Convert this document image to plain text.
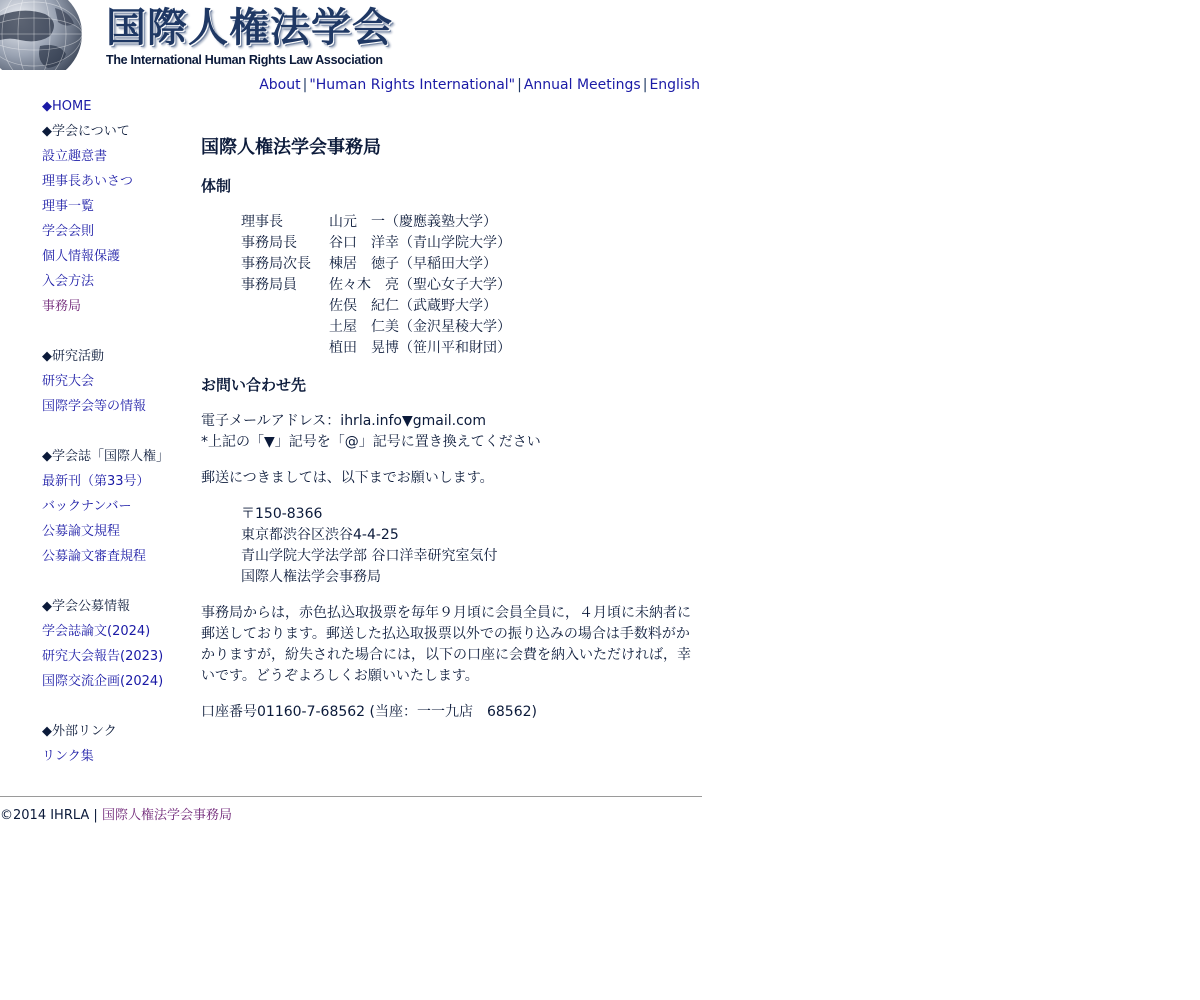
国際人権法学会
The International Human Rights Law Association
About | "Human Rights International" | Annual Meetings | English
◆HOME
◆学会について
設立趣意書
理事長あいさつ
理事一覧
学会会則
個人情報保護
入会方法
事務局
◆研究活動
研究大会
国際学会等の情報
◆学会誌「国際人権」
最新刊（第33号）
バックナンバー
公募論文規程
公募論文審査規程
◆学会公募情報
学会誌論文(2024)
研究大会報告(2023)
国際交流企画(2024)
◆外部リンク
リンク集
国際人権法学会事務局
体制
理事長	山元　一（慶應義塾大学）
事務局長	谷口　洋幸（青山学院大学）
事務局次長	棟居　徳子（早稲田大学）
事務局員	佐々木　亮（聖心女子大学）
佐俣　紀仁（武蔵野大学）
土屋　仁美（金沢星稜大学）
植田　晃博（笹川平和財団）
お問い合わせ先

電子メールアドレス：ihrla.info▼gmail.com

*上記の「▼」記号を「@」記号に置き換えてください

郵送につきましては、以下までお願いします。

〒150-8366
東京都渋谷区渋谷4-4-25
青山学院大学法学部 谷口洋幸研究室気付
国際人権法学会事務局

事務局からは，赤色払込取扱票を毎年９月頃に会員全員に，４月頃に未納者に郵送しております。郵送した払込取扱票以外での振り込みの場合は手数料がかかりますが，紛失された場合には，以下の口座に会費を納入いただければ，幸いです。どうぞよろしくお願いいたします。

口座番号01160-7-68562 (当座：一一九店　68562)

©2014 IHRLA | 国際人権法学会事務局
